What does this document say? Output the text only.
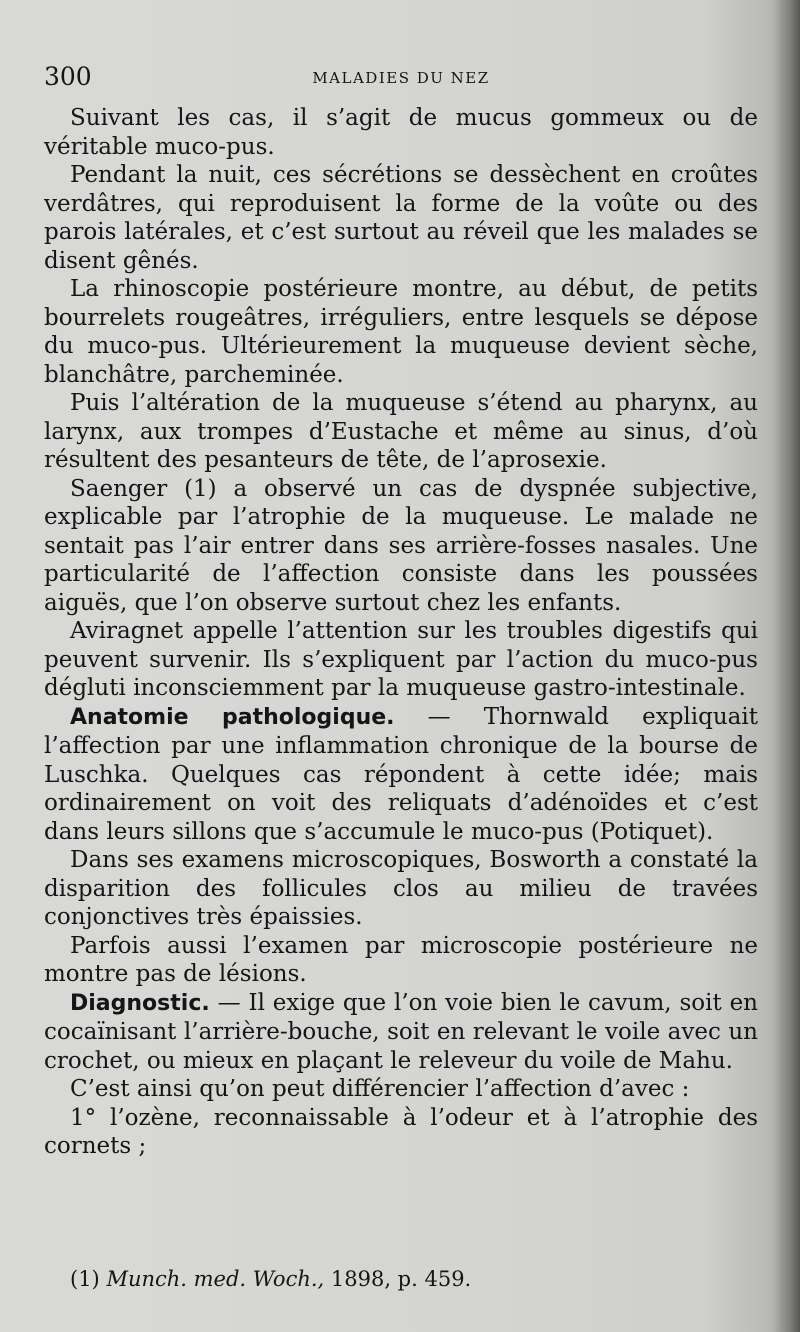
300	MALADIES DU NEZ

Suivant les cas, il s’agit de mucus gommeux ou de véritable muco-pus.

Pendant la nuit, ces sécrétions se dessèchent en croûtes verdâtres, qui reproduisent la forme de la voûte ou des parois latérales, et c’est surtout au réveil que les malades se disent gênés.

La rhinoscopie postérieure montre, au début, de petits bourrelets rougeâtres, irréguliers, entre lesquels se dépose du muco-pus. Ultérieurement la muqueuse devient sèche, blanchâtre, parcheminée.

Puis l’altération de la muqueuse s’étend au pharynx, au larynx, aux trompes d’Eustache et même au sinus, d’où résultent des pesanteurs de tête, de l’aprosexie.

Saenger (1) a observé un cas de dyspnée subjective, explicable par l’atrophie de la muqueuse. Le malade ne sentait pas l’air entrer dans ses arrière-fosses nasales. Une particularité de l’affection consiste dans les poussées aiguës, que l’on observe surtout chez les enfants.

Aviragnet appelle l’attention sur les troubles digestifs qui peuvent survenir. Ils s’expliquent par l’action du muco-pus dégluti inconsciemment par la muqueuse gastro-intestinale.

Anatomie pathologique. — Thornwald expliquait l’affection par une inflammation chronique de la bourse de Luschka. Quelques cas répondent à cette idée; mais ordinairement on voit des reliquats d’adénoïdes et c’est dans leurs sillons que s’accumule le muco-pus (Potiquet).

Dans ses examens microscopiques, Bosworth a constaté la disparition des follicules clos au milieu de travées conjonctives très épaissies.

Parfois aussi l’examen par microscopie postérieure ne montre pas de lésions.

Diagnostic. — Il exige que l’on voie bien le cavum, soit en cocaïnisant l’arrière-bouche, soit en relevant le voile avec un crochet, ou mieux en plaçant le releveur du voile de Mahu.

C’est ainsi qu’on peut différencier l’affection d’avec :

1° l’ozène, reconnaissable à l’odeur et à l’atrophie des cornets ;

(1) Munch. med. Woch., 1898, p. 459.
